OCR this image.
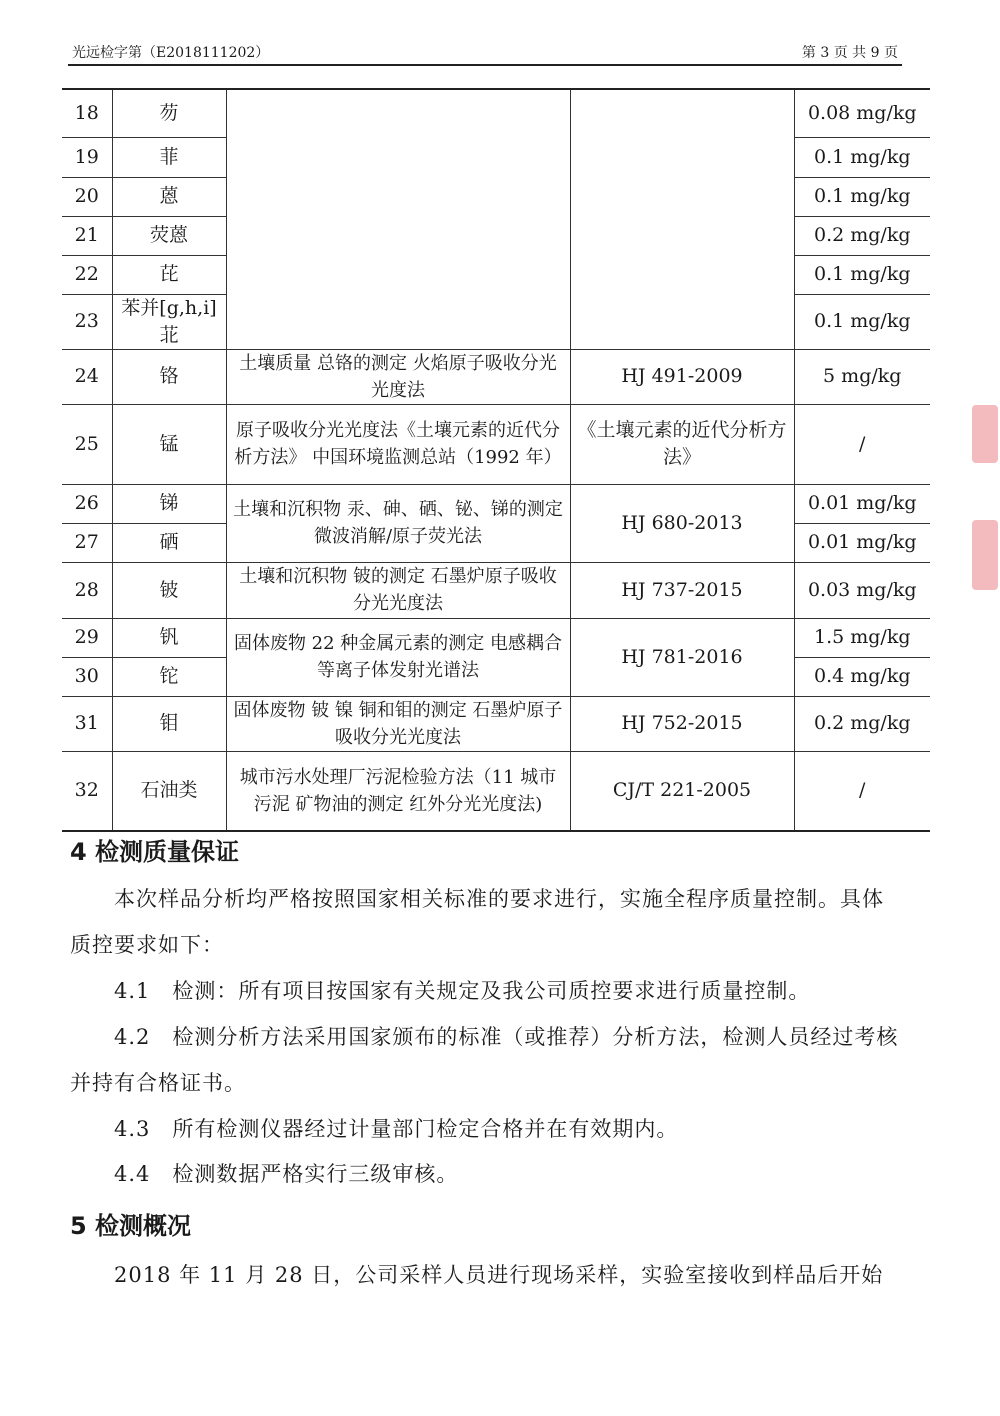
光远检字第（E2018111202）	第 3 页 共 9 页
18	芴			0.08 mg/kg
19	菲			0.1 mg/kg
20	蒽			0.1 mg/kg
21	荧蒽			0.2 mg/kg
22	芘			0.1 mg/kg
23	苯并[g,h,i]苝			0.1 mg/kg
24	铬	土壤质量 总铬的测定 火焰原子吸收分光光度法	HJ 491-2009	5 mg/kg
25	锰	原子吸收分光光度法《土壤元素的近代分析方法》 中国环境监测总站（1992 年）	《土壤元素的近代分析方法》	/
26	锑	土壤和沉积物 汞、砷、硒、铋、锑的测定 微波消解/原子荧光法	HJ 680-2013	0.01 mg/kg
27	硒			0.01 mg/kg
28	铍	土壤和沉积物 铍的测定 石墨炉原子吸收分光光度法	HJ 737-2015	0.03 mg/kg
29	钒	固体废物 22 种金属元素的测定 电感耦合等离子体发射光谱法	HJ 781-2016	1.5 mg/kg
30	铊			0.4 mg/kg
31	钼	固体废物 铍 镍 铜和钼的测定 石墨炉原子吸收分光光度法	HJ 752-2015	0.2 mg/kg
32	石油类	城市污水处理厂污泥检验方法（11 城市污泥 矿物油的测定 红外分光光度法)	CJ/T 221-2005	/
4 检测质量保证
本次样品分析均严格按照国家相关标准的要求进行，实施全程序质量控制。具体质控要求如下：
4.1　检测：所有项目按国家有关规定及我公司质控要求进行质量控制。
4.2　检测分析方法采用国家颁布的标准（或推荐）分析方法，检测人员经过考核并持有合格证书。
4.3　所有检测仪器经过计量部门检定合格并在有效期内。
4.4　检测数据严格实行三级审核。
5 检测概况
2018 年 11 月 28 日，公司采样人员进行现场采样，实验室接收到样品后开始
